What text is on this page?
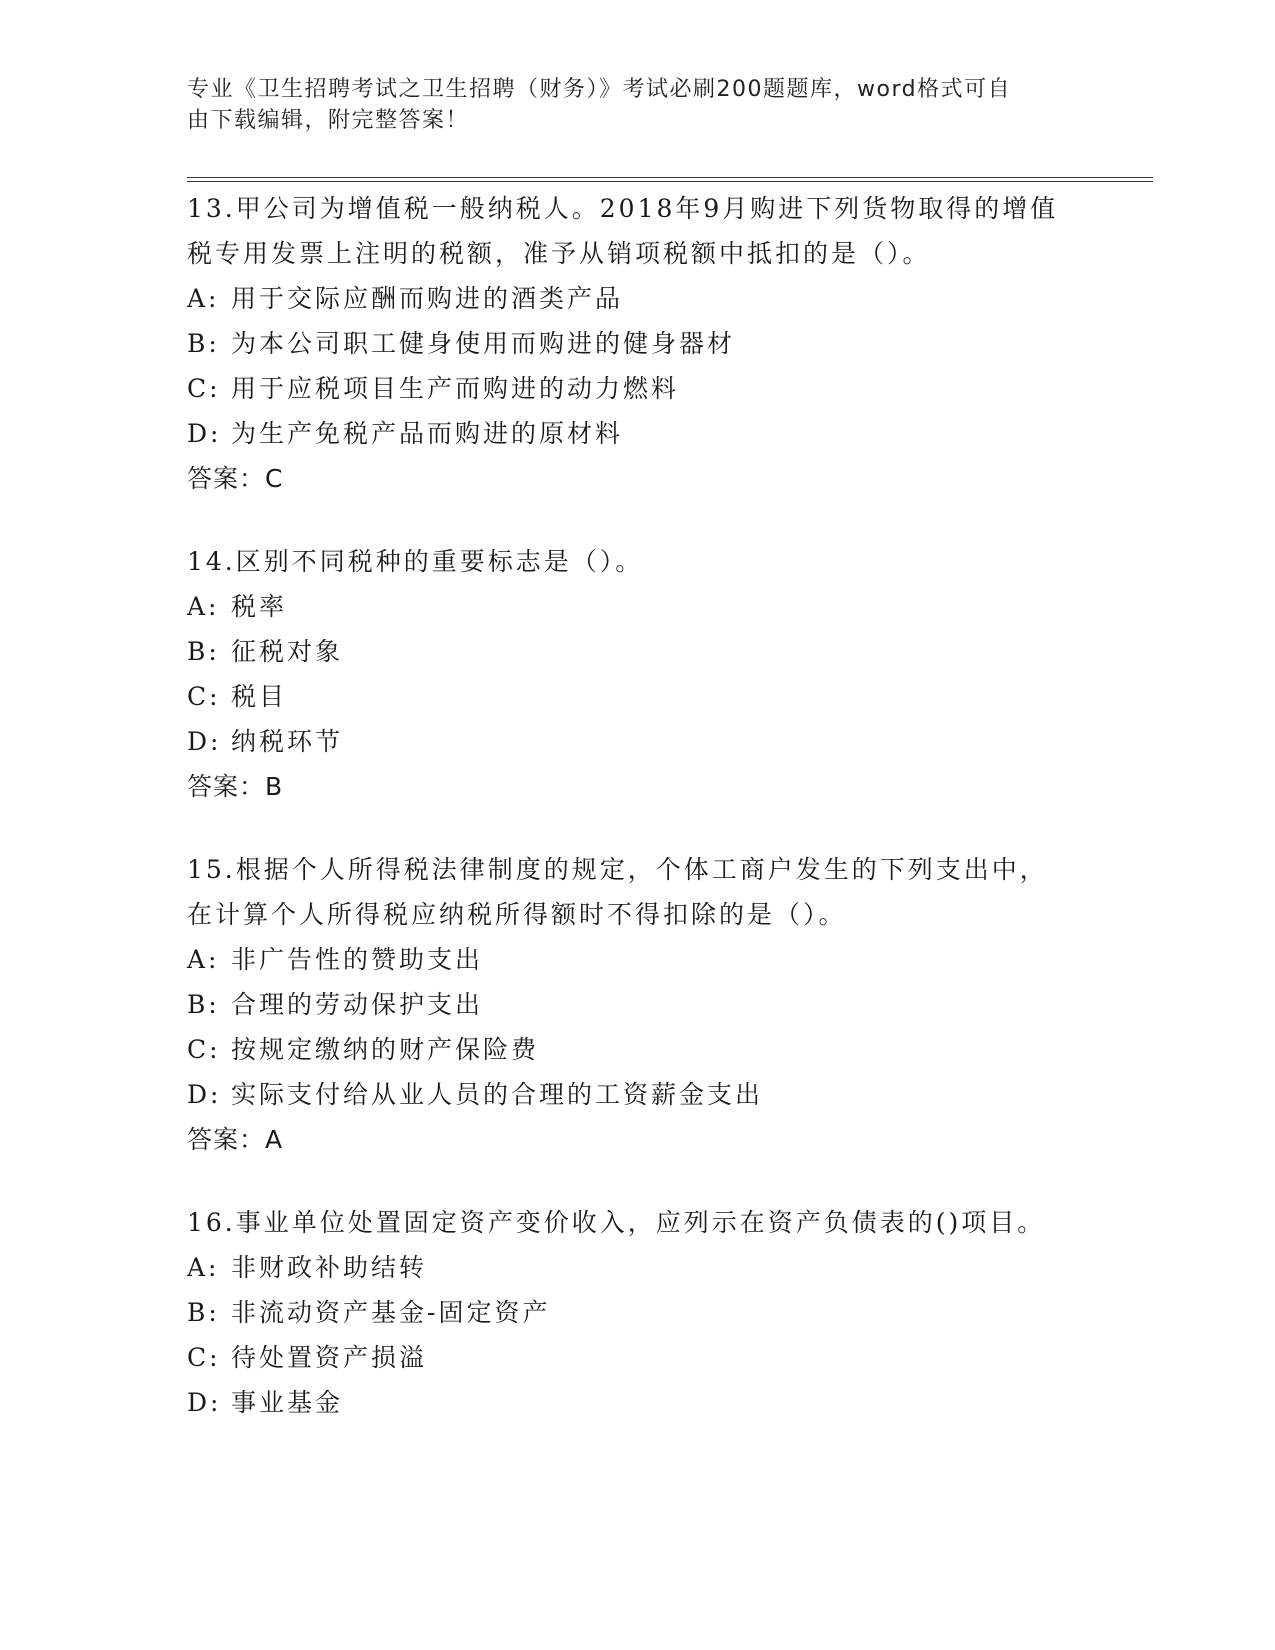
专业《卫生招聘考试之卫生招聘（财务）》考试必刷200题题库，word格式可自
由下载编辑，附完整答案！

13.甲公司为增值税一般纳税人。2018年9月购进下列货物取得的增值

税专用发票上注明的税额，准予从销项税额中抵扣的是（）。

A: 用于交际应酬而购进的酒类产品

B: 为本公司职工健身使用而购进的健身器材

C: 用于应税项目生产而购进的动力燃料

D: 为生产免税产品而购进的原材料

答案：C

14.区别不同税种的重要标志是（）。

A: 税率

B: 征税对象

C: 税目

D: 纳税环节

答案：B

15.根据个人所得税法律制度的规定，个体工商户发生的下列支出中，

在计算个人所得税应纳税所得额时不得扣除的是（）。

A: 非广告性的赞助支出

B: 合理的劳动保护支出

C: 按规定缴纳的财产保险费

D: 实际支付给从业人员的合理的工资薪金支出

答案：A

16.事业单位处置固定资产变价收入，应列示在资产负债表的()项目。

A: 非财政补助结转

B: 非流动资产基金-固定资产

C: 待处置资产损溢

D: 事业基金
